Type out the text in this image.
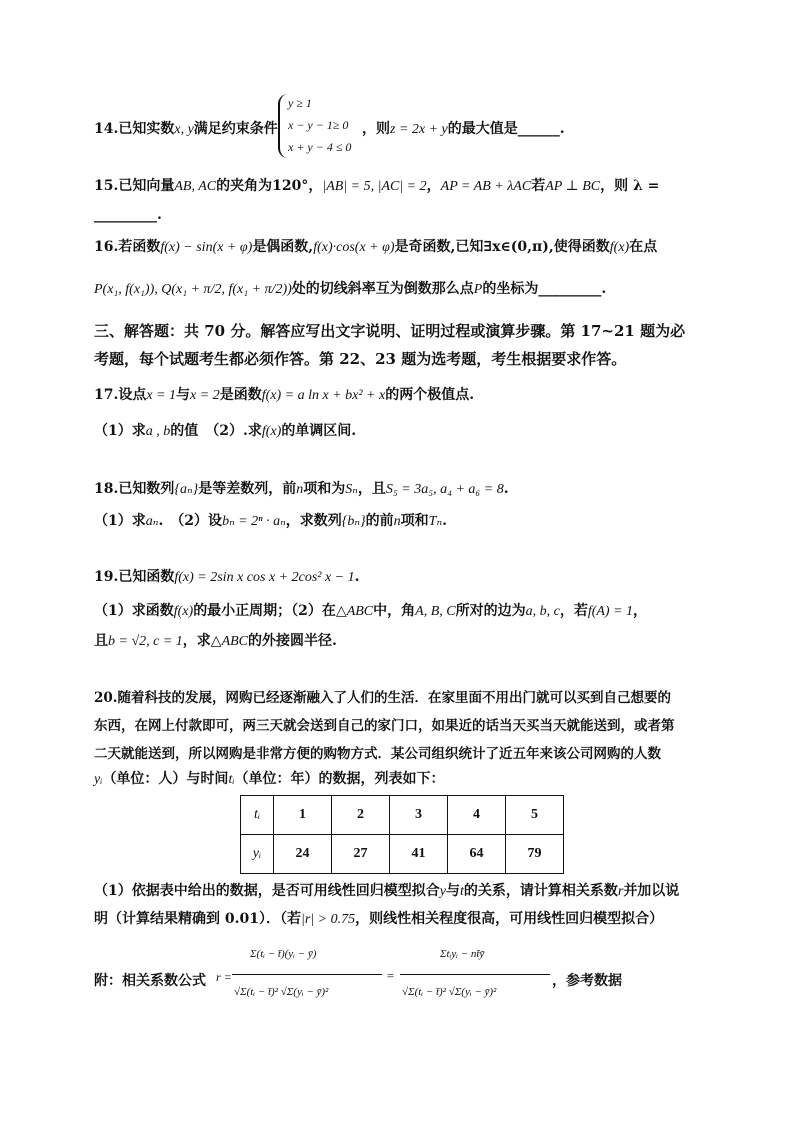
14.已知实数x, y满足约束条件
y ≥ 1
x − y − 1≥ 0
x + y − 4 ≤ 0
，则z = 2x + y的最大值是______.
15.已知向量AB, AC的夹角为120°，|AB| = 5, |AC| = 2，AP = AB + λAC若AP ⊥ BC，则 λ =
_________.
16.若函数f(x) − sin(x + φ)是偶函数,f(x)·cos(x + φ)是奇函数,已知∃x∈(0,π),使得函数f(x)在点
P(x₁, f(x₁)), Q(x₁ + π/2, f(x₁ + π/2))处的切线斜率互为倒数那么点P的坐标为_________.
三、解答题：共 70 分。解答应写出文字说明、证明过程或演算步骤。第 17~21 题为必
考题，每个试题考生都必须作答。第 22、23 题为选考题，考生根据要求作答。
17.设点x = 1与x = 2是函数f(x) = a ln x + bx² + x的两个极值点.
（1）求a , b的值　（2）.求f(x)的单调区间.
18.已知数列{aₙ}是等差数列，前n项和为Sₙ，且S₅ = 3a₅, a₄ + a₆ = 8.
（1）求aₙ.　（2）设bₙ = 2ⁿ · aₙ，求数列{bₙ}的前n项和Tₙ.
19.已知函数f(x) = 2sin x cos x + 2cos² x − 1.
（1）求函数f(x)的最小正周期；（2）在△ABC中，角A, B, C所对的边为a, b, c，若f(A) = 1，
且b = √2, c = 1，求△ABC的外接圆半径.
20.随着科技的发展，网购已经逐渐融入了人们的生活．在家里面不用出门就可以买到自己想要的
东西，在网上付款即可，两三天就会送到自己的家门口，如果近的话当天买当天就能送到，或者第
二天就能送到，所以网购是非常方便的购物方式．某公司组织统计了近五年来该公司网购的人数
yᵢ（单位：人）与时间tᵢ（单位：年）的数据，列表如下：
tᵢ	1	2	3	4	5
yᵢ	24	27	41	64	79
（1）依据表中给出的数据，是否可用线性回归模型拟合y与t的关系，请计算相关系数r并加以说
明（计算结果精确到 0.01）．（若|r| > 0.75，则线性相关程度很高，可用线性回归模型拟合）
附：相关系数公式 r =
Σ(tᵢ − t̄)(yᵢ − ȳ)
√Σ(tᵢ − t̄)² √Σ(yᵢ − ȳ)²
=
Σtᵢyᵢ − nt̄ȳ
√Σ(tᵢ − t̄)² √Σ(yᵢ − ȳ)²
，参考数据
